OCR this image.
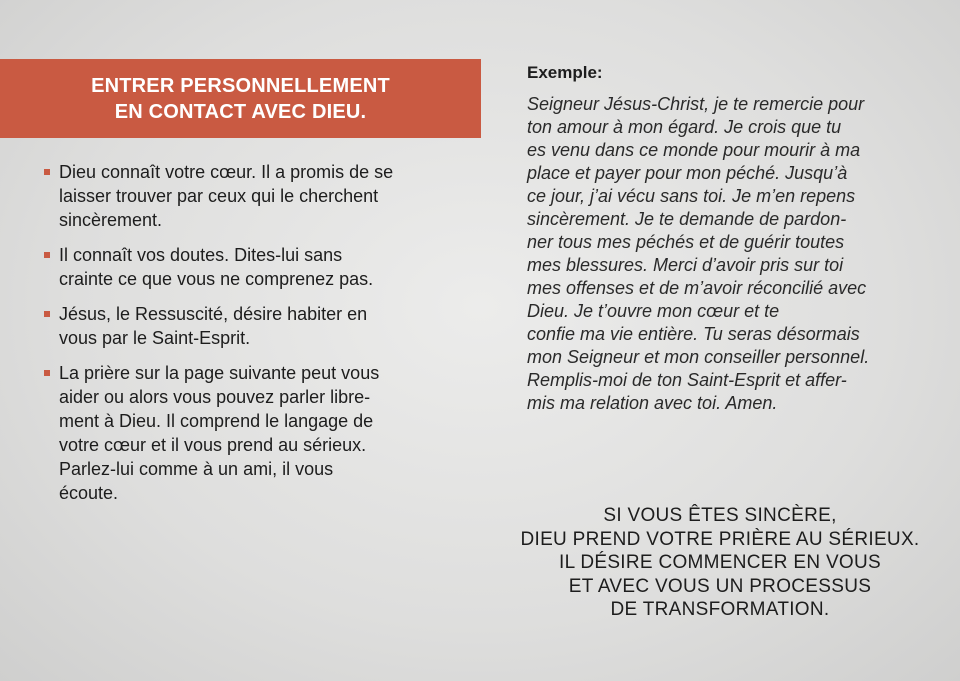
ENTRER PERSONNELLEMENT
EN CONTACT AVEC DIEU.
Dieu connaît votre cœur. Il a promis de se
laisser trouver par ceux qui le cherchent
sincèrement.
Il connaît vos doutes. Dites-lui sans
crainte ce que vous ne comprenez pas.
Jésus, le Ressuscité, désire habiter en
vous par le Saint-Esprit.
La prière sur la page suivante peut vous
aider ou alors vous pouvez parler libre-
ment à Dieu. Il comprend le langage de
votre cœur et il vous prend au sérieux.
Parlez-lui comme à un ami, il vous
écoute.
Exemple:
Seigneur Jésus-Christ, je te remercie pour
ton amour à mon égard. Je crois que tu
es venu dans ce monde pour mourir à ma
place et payer pour mon péché. Jusqu’à
ce jour, j’ai vécu sans toi. Je m’en repens
sincèrement. Je te demande de pardon-
ner tous mes péchés et de guérir toutes
mes blessures. Merci d’avoir pris sur toi
mes offenses et de m’avoir réconcilié avec
Dieu. Je t’ouvre mon cœur et te
confie ma vie entière. Tu seras désormais
mon Seigneur et mon conseiller personnel.
Remplis-moi de ton Saint-Esprit et affer-
mis ma relation avec toi. Amen.
SI VOUS ÊTES SINCÈRE,
DIEU PREND VOTRE PRIÈRE AU SÉRIEUX.
IL DÉSIRE COMMENCER EN VOUS
ET AVEC VOUS UN PROCESSUS
DE TRANSFORMATION.
